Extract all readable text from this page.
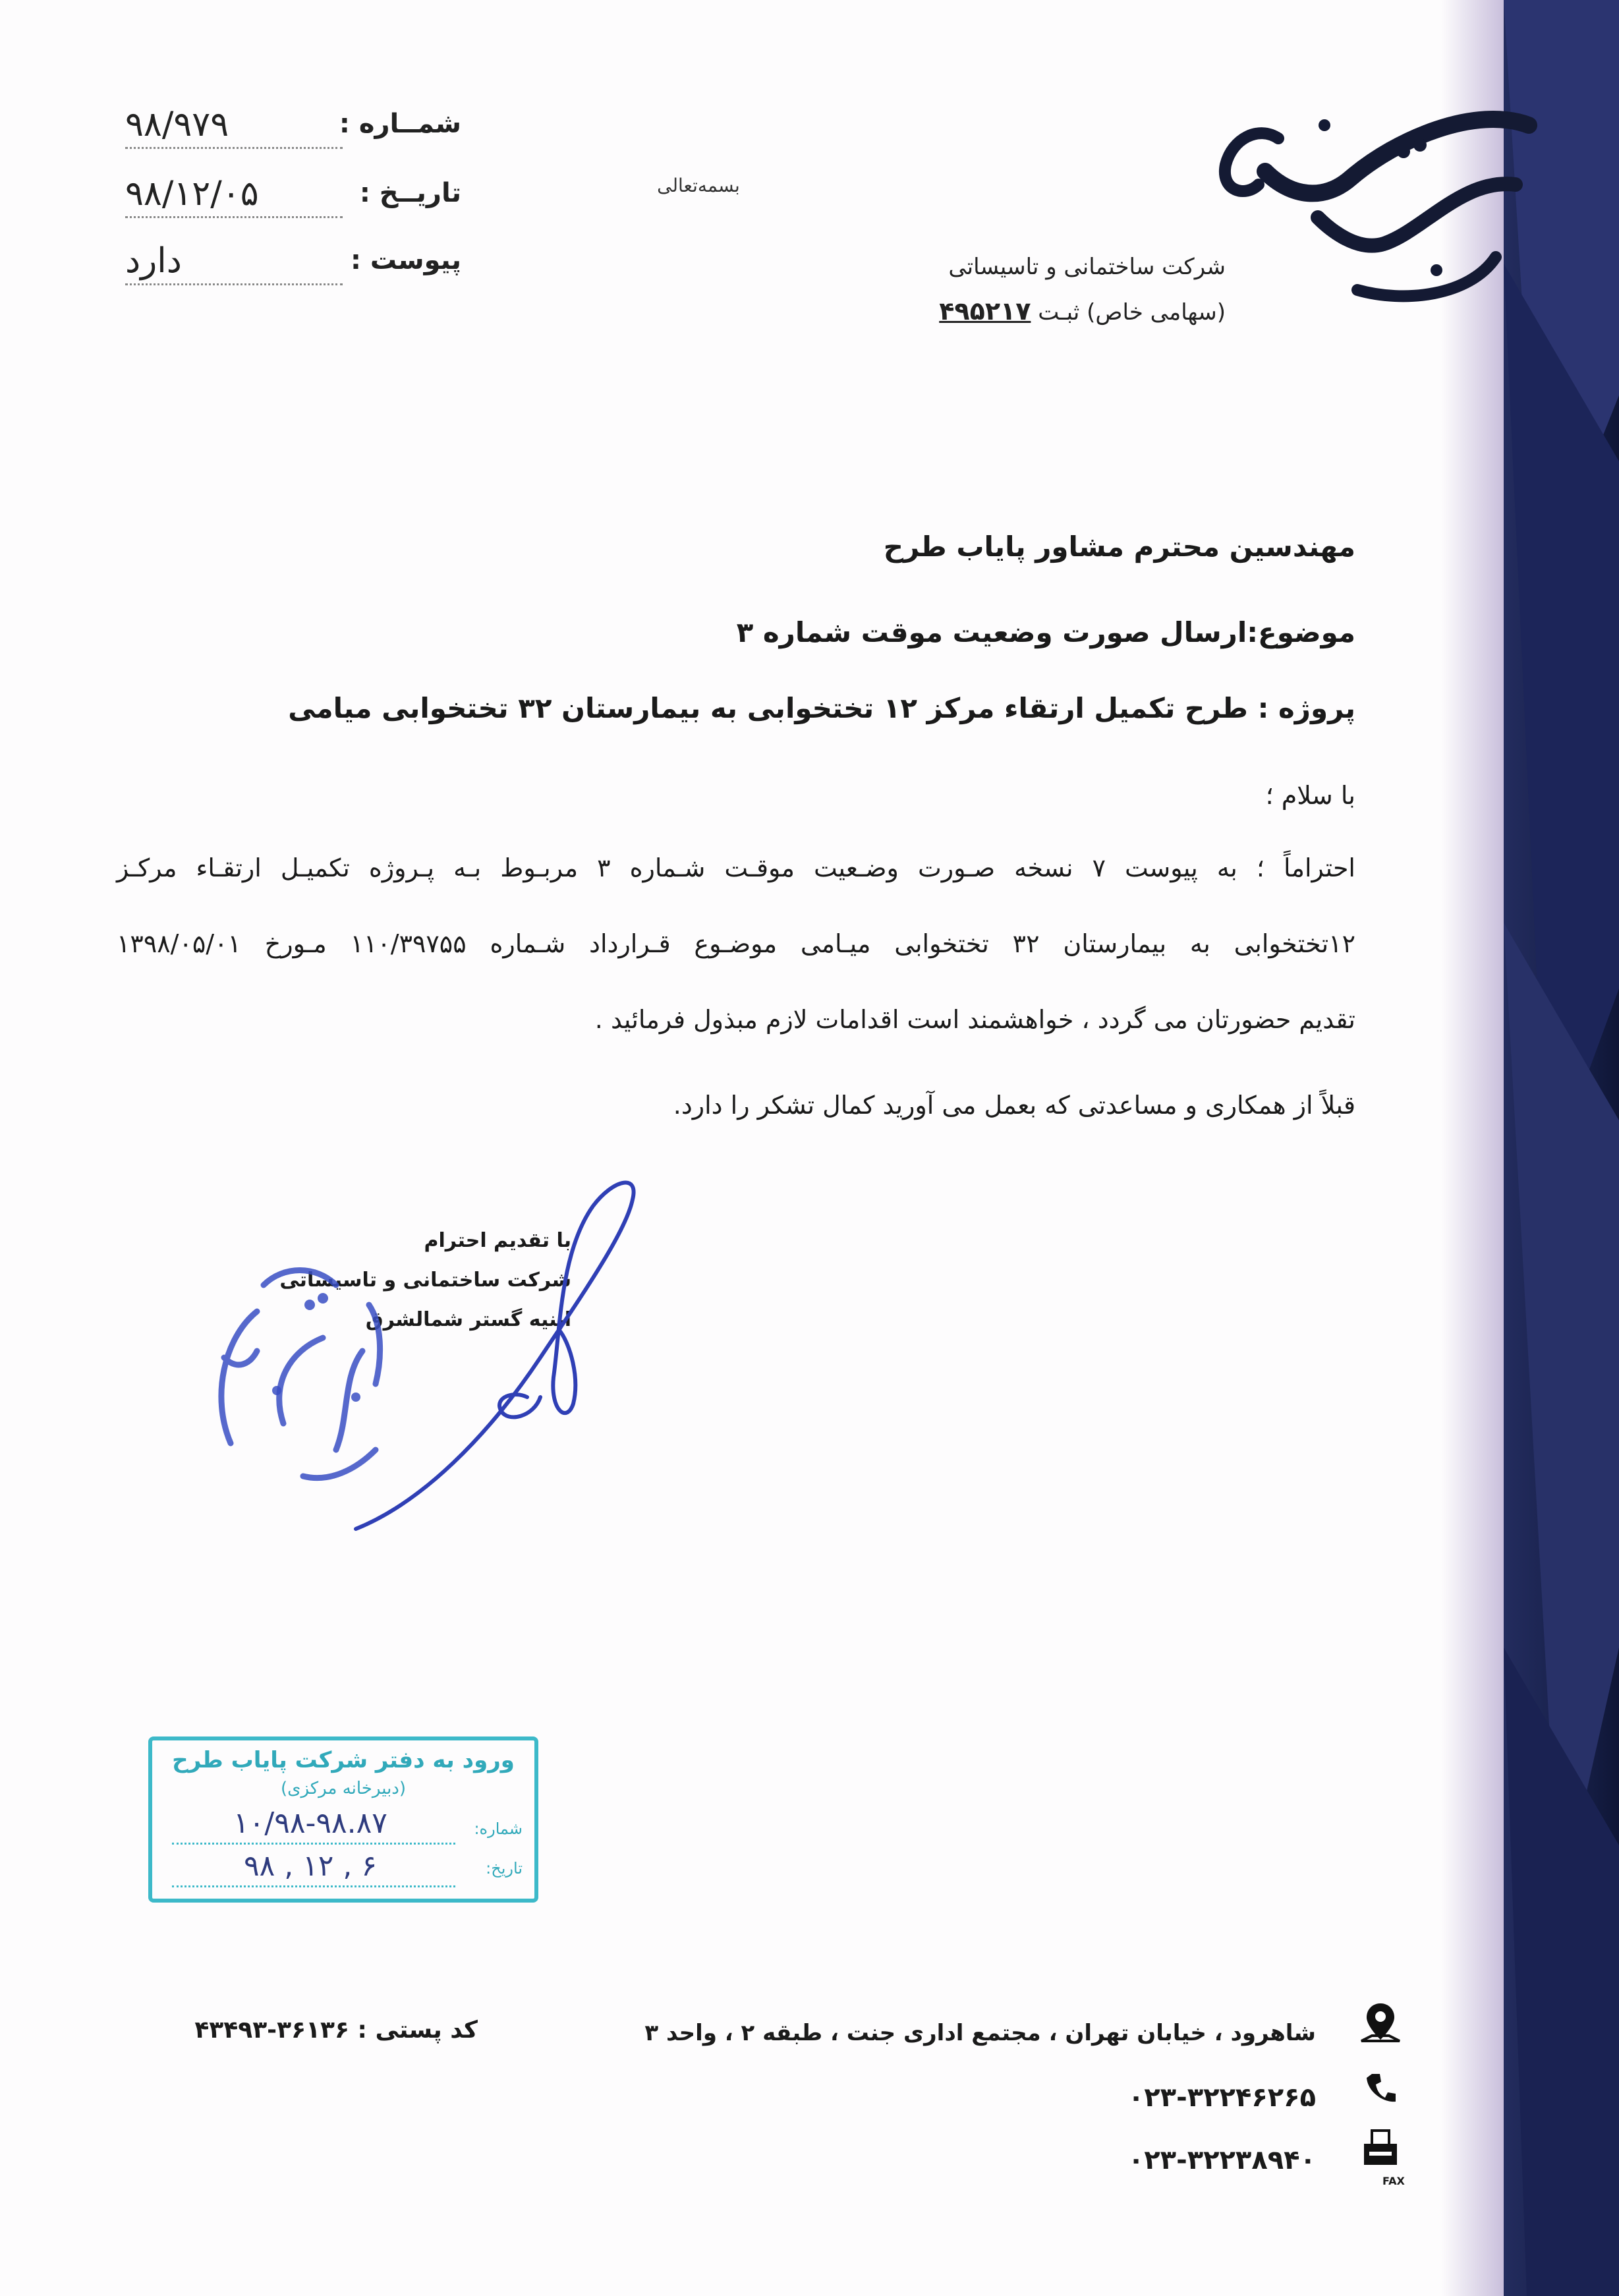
شمــاره :
۹۸/۹۷۹
تاریــخ :
۹۸/۱۲/۰۵
پیوست :
دارد
بسمه‌تعالی
شرکت ساختمانی و تاسیساتی
(سهامی خاص) ثبـت ۴۹۵۲۱۷
مهندسین محترم مشاور پایاب طرح
موضوع:ارسال صورت وضعیت موقت شماره ۳
پروژه : طرح تکمیل ارتقاء مرکز ۱۲ تختخوابی به بیمارستان ۳۲ تختخوابی میامی
با سلام ؛
احتراماً ؛ به پیوست ۷ نسخه صـورت وضـعیت موقـت شـماره ۳ مربـوط بـه پـروژه تکمیـل ارتقـاء مرکـز
۱۲تختخوابی به بیمارستان ۳۲ تختخوابی میـامی موضـوع قـرارداد شـماره ۱۱۰/۳۹۷۵۵ مـورخ ۱۳۹۸/۰۵/۰۱
تقدیم حضورتان می گردد ، خواهشمند است اقدامات لازم مبذول فرمائید .
قبلاً از همکاری و مساعدتی که بعمل می آورید کمال تشکر را دارد.
با تقدیم احترام
شرکت ساختمانی و تاسیساتی
ابنیه گستر شمالشرق
ورود به دفتر شرکت پایاب طرح
(دبیرخانه مرکزی)
شماره:
۱۰/۹۸-۹۸.۸۷
تاریخ:
۹۸ , ۱۲ , ۶
کد پستی : ۴۳۴۹۳-۳۶۱۳۶	شاهرود ، خیابان تهران ، مجتمع اداری جنت ، طبقه ۲ ، واحد ۳
۰۲۳-۳۲۲۴۶۲۶۵
۰۲۳-۳۲۲۳۸۹۴۰
FAX
